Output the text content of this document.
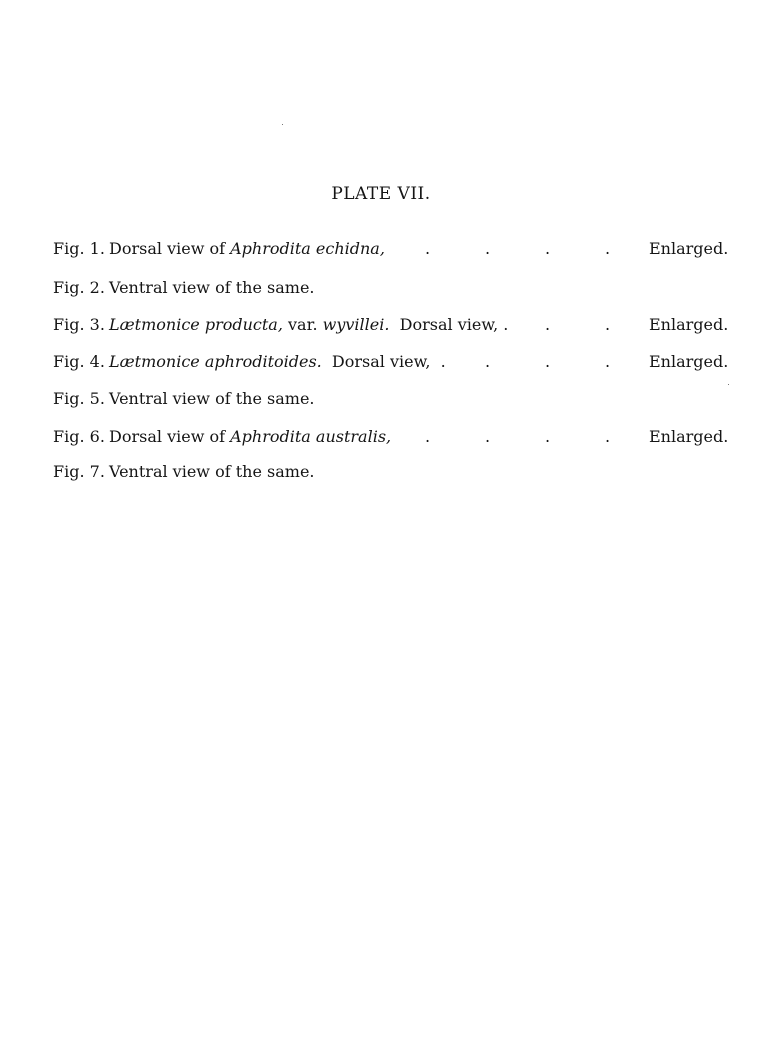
PLATE VII.
Fig. 1. Dorsal view of Aphrodita echidna,	.	.	.	. Enlarged.
Fig. 2. Ventral view of the same.
Fig. 3. Lætmonice producta, var. wyvillei.  Dorsal view, . .	. Enlarged.
Fig. 4. Lætmonice aphroditoides.  Dorsal view,  . .	.	. Enlarged.
Fig. 5. Ventral view of the same.
Fig. 6. Dorsal view of Aphrodita australis, .	.	.	. Enlarged.
Fig. 7. Ventral view of the same.
